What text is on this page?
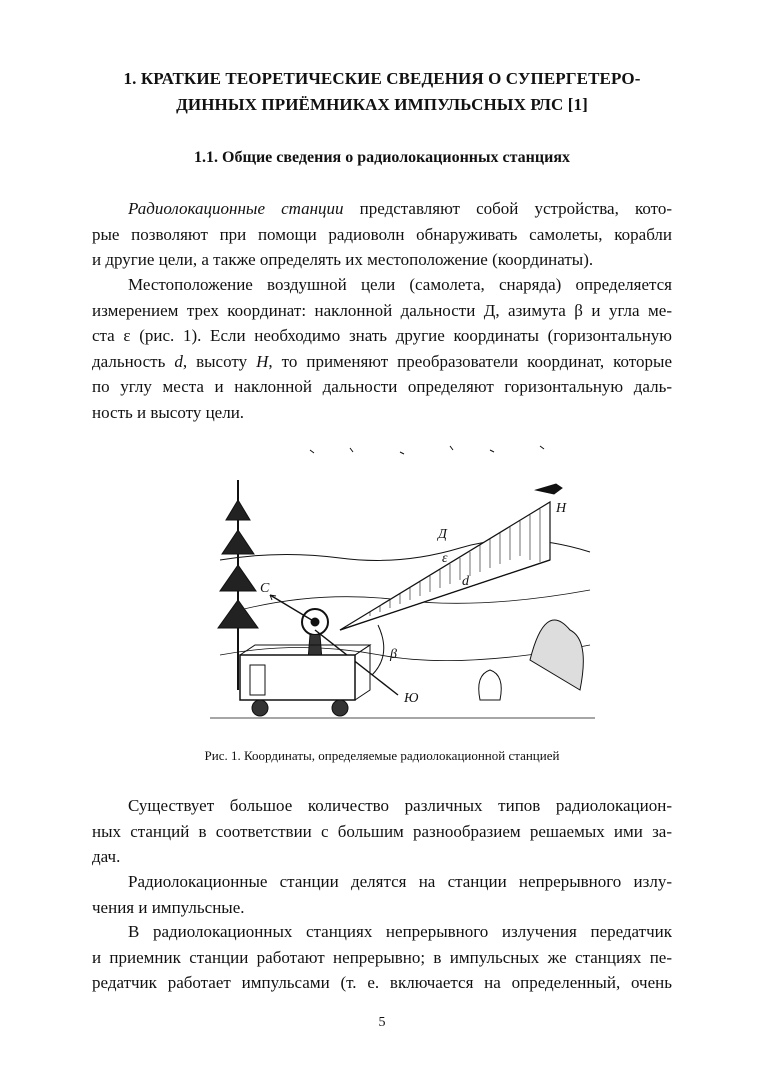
1. КРАТКИЕ ТЕОРЕТИЧЕСКИЕ СВЕДЕНИЯ О СУПЕРГЕТЕРО-
ДИННЫХ ПРИЁМНИКАХ ИМПУЛЬСНЫХ РЛС [1]
1.1. Общие сведения о радиолокационных станциях
Радиолокационные станции представляют собой устройства, кото-
рые позволяют при помощи радиоволн обнаруживать самолеты, корабли
и другие цели, а также определять их местоположение (координаты).
Местоположение воздушной цели (самолета, снаряда) определяется
измерением трех координат: наклонной дальности Д, азимута β и угла ме-
ста ε (рис. 1). Если необходимо знать другие координаты (горизонтальную
дальность d, высоту H, то применяют преобразователи координат, которые
по углу места и наклонной дальности определяют горизонтальную даль-
ность и высоту цели.
С
Д
ε
d
Н
β
Ю
Рис. 1. Координаты, определяемые радиолокационной станцией
Существует большое количество различных типов радиолокацион-
ных станций в соответствии с большим разнообразием решаемых ими за-
дач.
Радиолокационные станции делятся на станции непрерывного излу-
чения и импульсные.
В радиолокационных станциях непрерывного излучения передатчик
и приемник станции работают непрерывно; в импульсных же станциях пе-
редатчик работает импульсами (т. е. включается на определенный, очень
5
